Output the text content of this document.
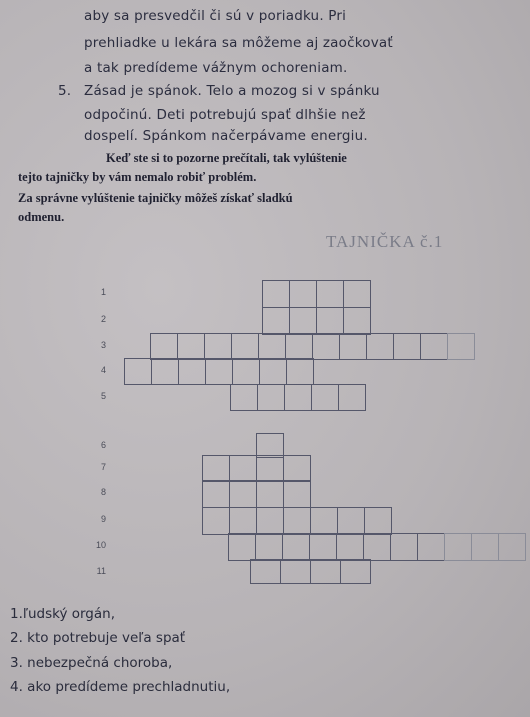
aby sa presvedčil či sú v poriadku. Pri
prehliadke u lekára sa môžeme aj zaočkovať
a tak predídeme vážnym ochoreniam.
5. Zásad je spánok. Telo a mozog si v spánku
odpočinú. Deti potrebujú spať dlhšie než
dospelí. Spánkom načerpávame energiu.
Keď ste si to pozorne prečítali, tak vylúštenie
tejto tajničky by vám nemalo robiť problém.
Za správne vylúštenie tajničky môžeš získať sladkú
odmenu.
TAJNIČKA č.1
1
2
3
4
5
6
7
8
9
10
11
1.ľudský orgán,
2. kto potrebuje veľa spať
3. nebezpečná choroba,
4. ako predídeme prechladnutiu,
